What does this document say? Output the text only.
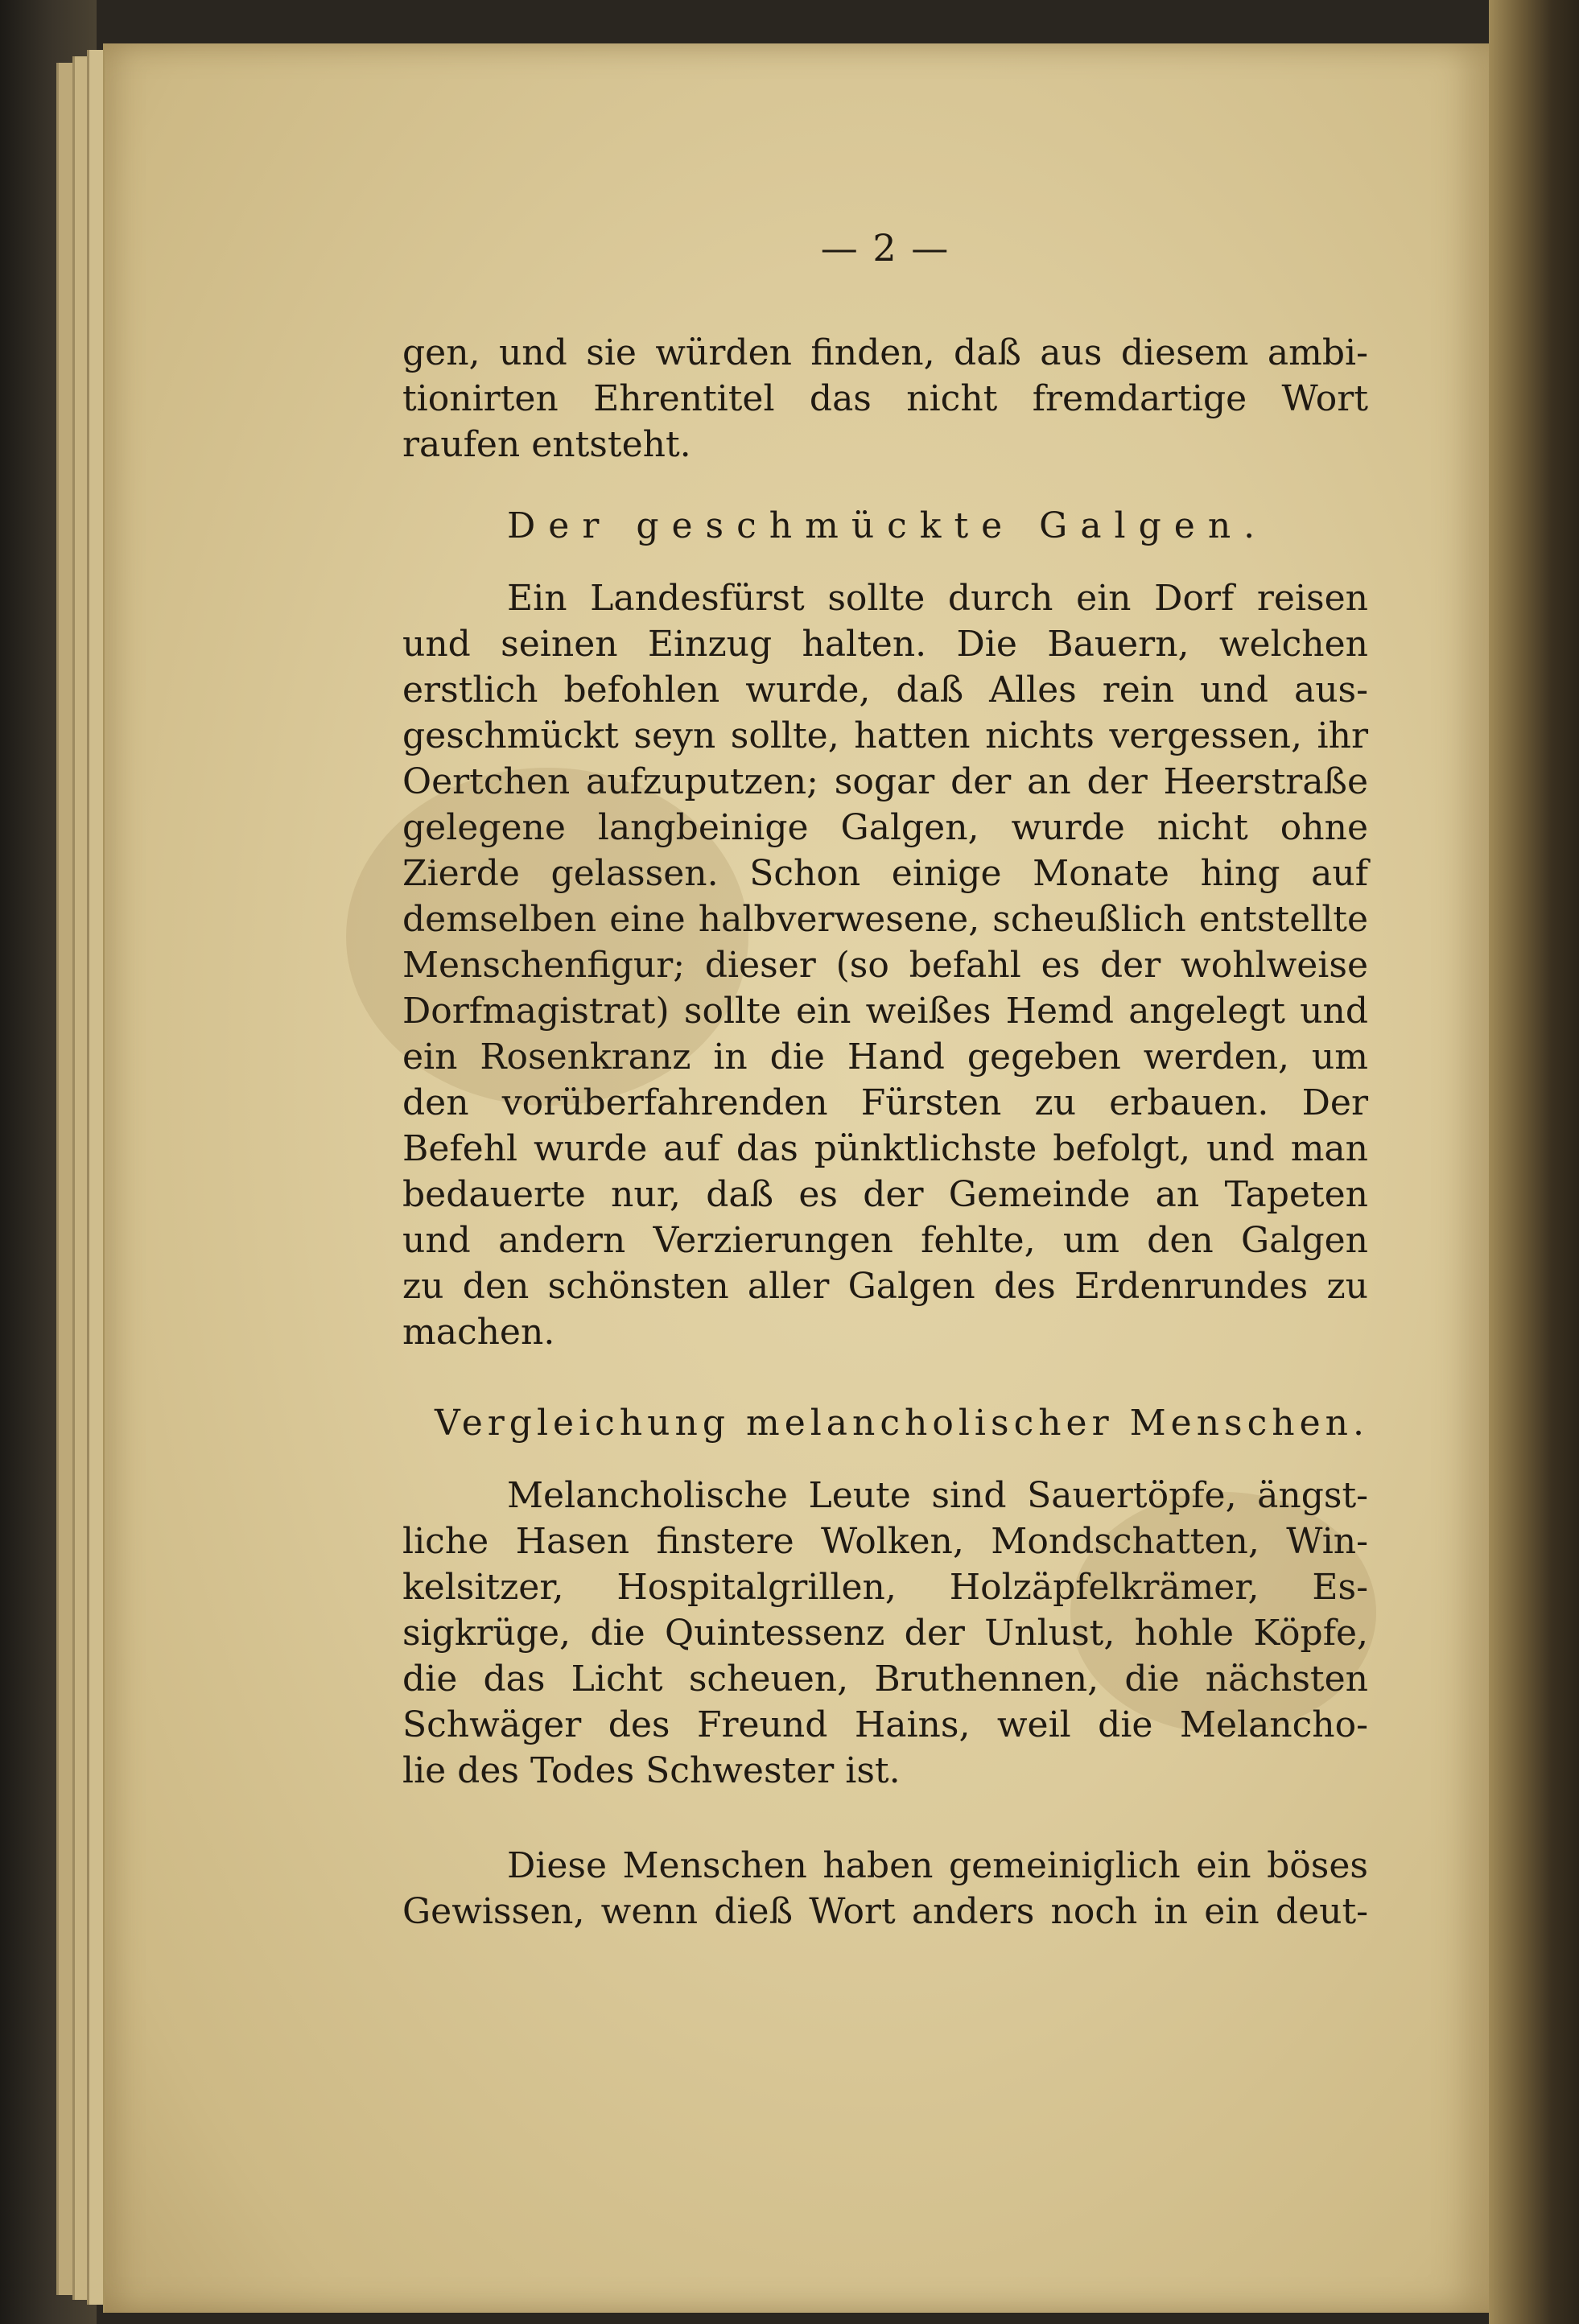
— 2 —
gen, und sie würden finden, daß aus diesem ambi-
tionirten Ehrentitel das nicht fremdartige Wort
raufen entsteht.
Der geschmückte Galgen.
Ein Landesfürst sollte durch ein Dorf reisen
und seinen Einzug halten. Die Bauern, welchen
erstlich befohlen wurde, daß Alles rein und aus-
geschmückt seyn sollte, hatten nichts vergessen, ihr
Oertchen aufzuputzen; sogar der an der Heerstraße
gelegene langbeinige Galgen, wurde nicht ohne
Zierde gelassen. Schon einige Monate hing auf
demselben eine halbverwesene, scheußlich entstellte
Menschenfigur; dieser (so befahl es der wohlweise
Dorfmagistrat) sollte ein weißes Hemd angelegt und
ein Rosenkranz in die Hand gegeben werden, um
den vorüberfahrenden Fürsten zu erbauen. Der
Befehl wurde auf das pünktlichste befolgt, und man
bedauerte nur, daß es der Gemeinde an Tapeten
und andern Verzierungen fehlte, um den Galgen
zu den schönsten aller Galgen des Erdenrundes zu
machen.
Vergleichung melancholischer Menschen.
Melancholische Leute sind Sauertöpfe, ängst-
liche Hasen finstere Wolken, Mondschatten, Win-
kelsitzer, Hospitalgrillen, Holzäpfelkrämer, Es-
sigkrüge, die Quintessenz der Unlust, hohle Köpfe,
die das Licht scheuen, Bruthennen, die nächsten
Schwäger des Freund Hains, weil die Melancho-
lie des Todes Schwester ist.
Diese Menschen haben gemeiniglich ein böses
Gewissen, wenn dieß Wort anders noch in ein deut-
